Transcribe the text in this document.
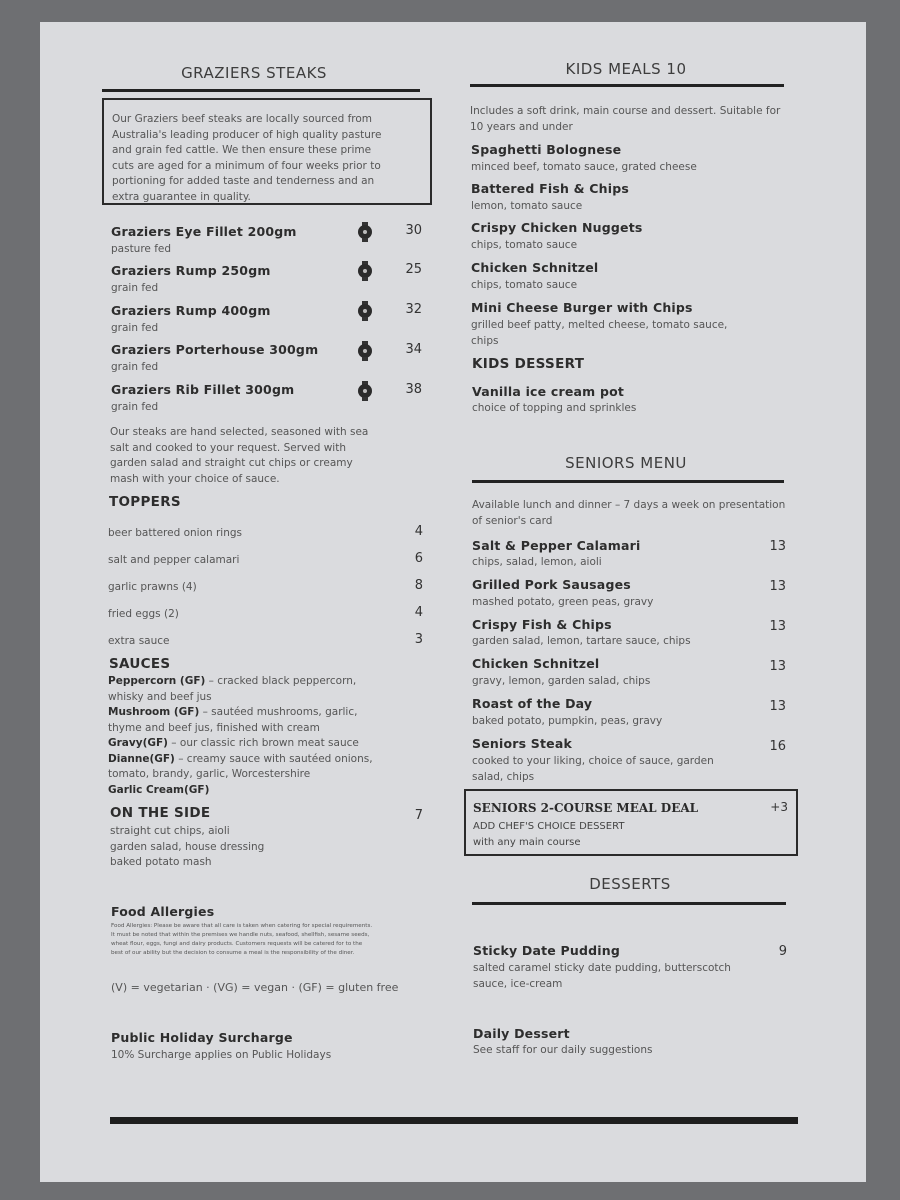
GRAZIERS STEAKS
Our Graziers beef steaks are locally sourced from Australia's leading producer of high quality pasture and grain fed cattle. We then ensure these prime cuts are aged for a minimum of four weeks prior to portioning for added taste and tenderness and an extra guarantee in quality.
Graziers Eye Fillet 200gm
pasture fed
30
Graziers Rump 250gm
grain fed
25
Graziers Rump 400gm
grain fed
32
Graziers Porterhouse 300gm
grain fed
34
Graziers Rib Fillet 300gm
grain fed
38
Our steaks are hand selected, seasoned with sea salt and cooked to your request. Served with garden salad and straight cut chips or creamy mash with your choice of sauce.
TOPPERS
beer battered onion rings	4
salt and pepper calamari	6
garlic prawns (4)	8
fried eggs (2)	4
extra sauce	3
SAUCES
Peppercorn (GF) – cracked black peppercorn, whisky and beef jus
Mushroom (GF) – sautéed mushrooms, garlic, thyme and beef jus, finished with cream
Gravy(GF) – our classic rich brown meat sauce
Dianne(GF) – creamy sauce with sautéed onions, tomato, brandy, garlic, Worcestershire
Garlic Cream(GF)
ON THE SIDE	7
straight cut chips, aioli
garden salad, house dressing
baked potato mash
Food Allergies
Food Allergies: Please be aware that all care is taken when catering for special requirements. It must be noted that within the premises we handle nuts, seafood, shellfish, sesame seeds, wheat flour, eggs, fungi and dairy products. Customers requests will be catered for to the best of our ability but the decision to consume a meal is the responsibility of the diner.
(V) = vegetarian · (VG) = vegan · (GF) = gluten free
Public Holiday Surcharge
10% Surcharge applies on Public Holidays
KIDS MEALS 10
Includes a soft drink, main course and dessert. Suitable for 10 years and under
Spaghetti Bolognese
minced beef, tomato sauce, grated cheese
Battered Fish & Chips
lemon, tomato sauce
Crispy Chicken Nuggets
chips, tomato sauce
Chicken Schnitzel
chips, tomato sauce
Mini Cheese Burger with Chips
grilled beef patty, melted cheese, tomato sauce, chips
KIDS DESSERT
Vanilla ice cream pot
choice of topping and sprinkles
SENIORS MENU
Available lunch and dinner – 7 days a week on presentation of senior's card
Salt & Pepper Calamari
chips, salad, lemon, aioli
13
Grilled Pork Sausages
mashed potato, green peas, gravy
13
Crispy Fish & Chips
garden salad, lemon, tartare sauce, chips
13
Chicken Schnitzel
gravy, lemon, garden salad, chips
13
Roast of the Day
baked potato, pumpkin, peas, gravy
13
Seniors Steak
cooked to your liking, choice of sauce, garden salad, chips
16
SENIORS 2-COURSE MEAL DEAL	+3
ADD CHEF'S CHOICE DESSERT
with any main course
DESSERTS
Sticky Date Pudding
salted caramel sticky date pudding, butterscotch sauce, ice-cream
9
Daily Dessert
See staff for our daily suggestions
